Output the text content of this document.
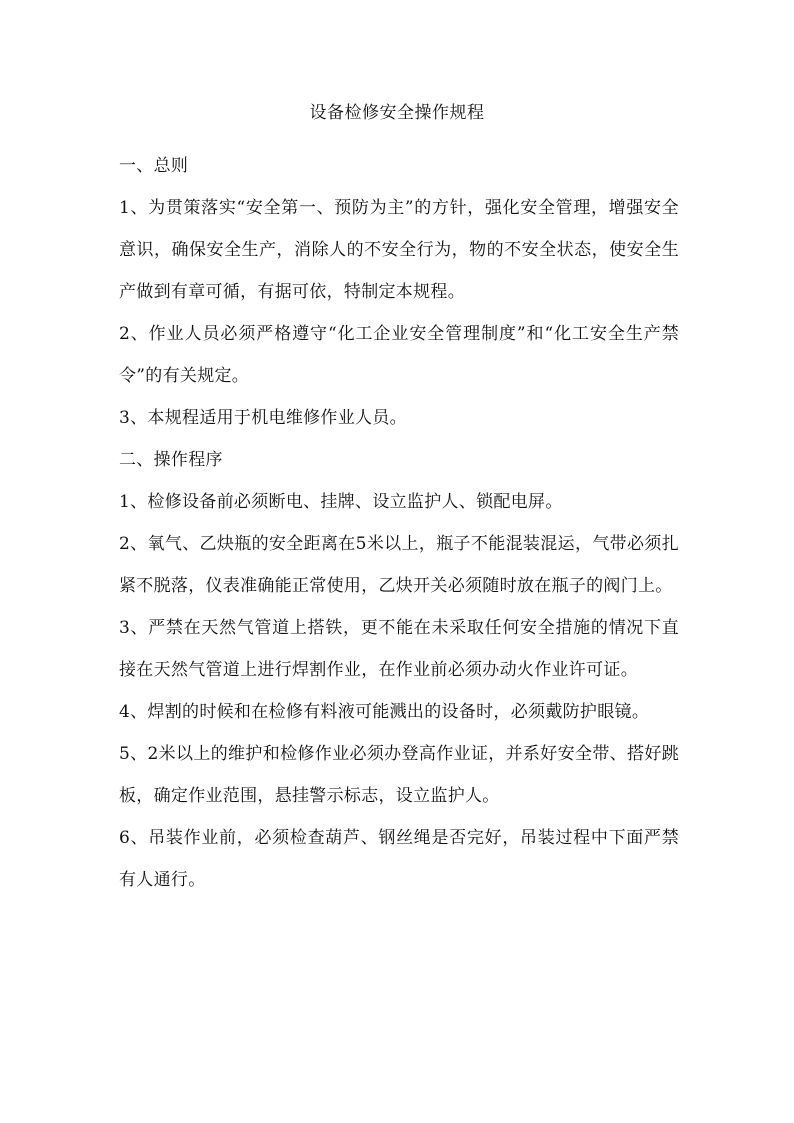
设备检修安全操作规程

一、总则

1、为贯策落实“安全第一、预防为主”的方针，强化安全管理，增强安全意识，确保安全生产，消除人的不安全行为，物的不安全状态，使安全生产做到有章可循，有据可依，特制定本规程。

2、作业人员必须严格遵守“化工企业安全管理制度”和“化工安全生产禁令”的有关规定。

3、本规程适用于机电维修作业人员。

二、操作程序

1、检修设备前必须断电、挂牌、设立监护人、锁配电屏。

2、氧气、乙炔瓶的安全距离在5米以上，瓶子不能混装混运，气带必须扎紧不脱落，仪表准确能正常使用，乙炔开关必须随时放在瓶子的阀门上。

3、严禁在天然气管道上搭铁，更不能在未采取任何安全措施的情况下直接在天然气管道上进行焊割作业，在作业前必须办动火作业许可证。

4、焊割的时候和在检修有料液可能溅出的设备时，必须戴防护眼镜。

5、2米以上的维护和检修作业必须办登高作业证，并系好安全带、搭好跳板，确定作业范围，悬挂警示标志，设立监护人。

6、吊装作业前，必须检查葫芦、钢丝绳是否完好，吊装过程中下面严禁有人通行。
